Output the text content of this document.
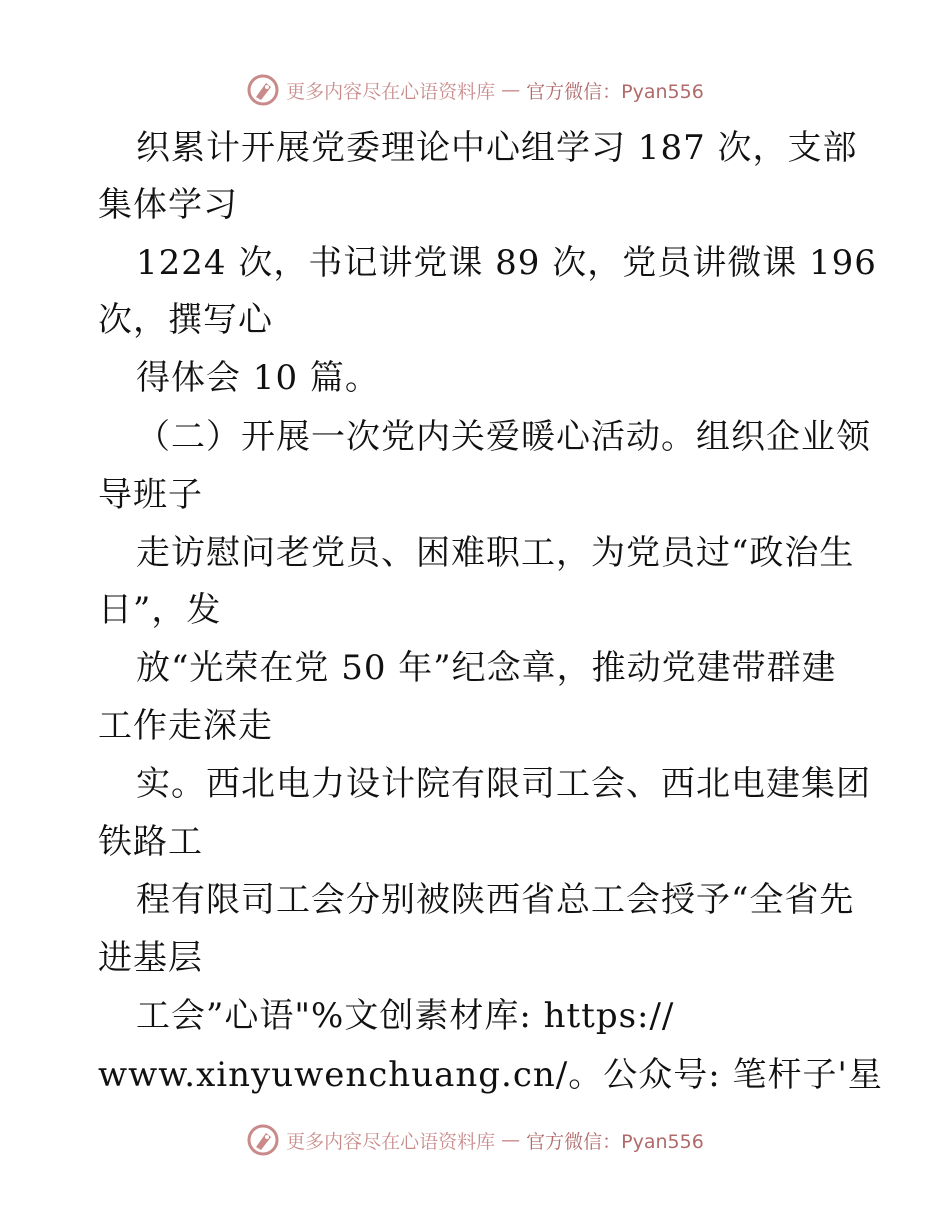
更多内容尽在心语资料库 — 官方微信：Pyan556
织累计开展党委理论中心组学习 187 次，支部
集体学习
1224 次，书记讲党课 89 次，党员讲微课 196
次，撰写心
得体会 10 篇。
（二）开展一次党内关爱暖心活动。组织企业领
导班子
走访慰问老党员、困难职工，为党员过“政治生
日”，发
放“光荣在党 50 年”纪念章，推动党建带群建
工作走深走
实。西北电力设计院有限司工会、西北电建集团
铁路工
程有限司工会分别被陕西省总工会授予“全省先
进基层
工会”心语"%文创素材库: https://
www.xinyuwenchuang.cn/。公众号: 笔杆子'星
更多内容尽在心语资料库 — 官方微信：Pyan556
